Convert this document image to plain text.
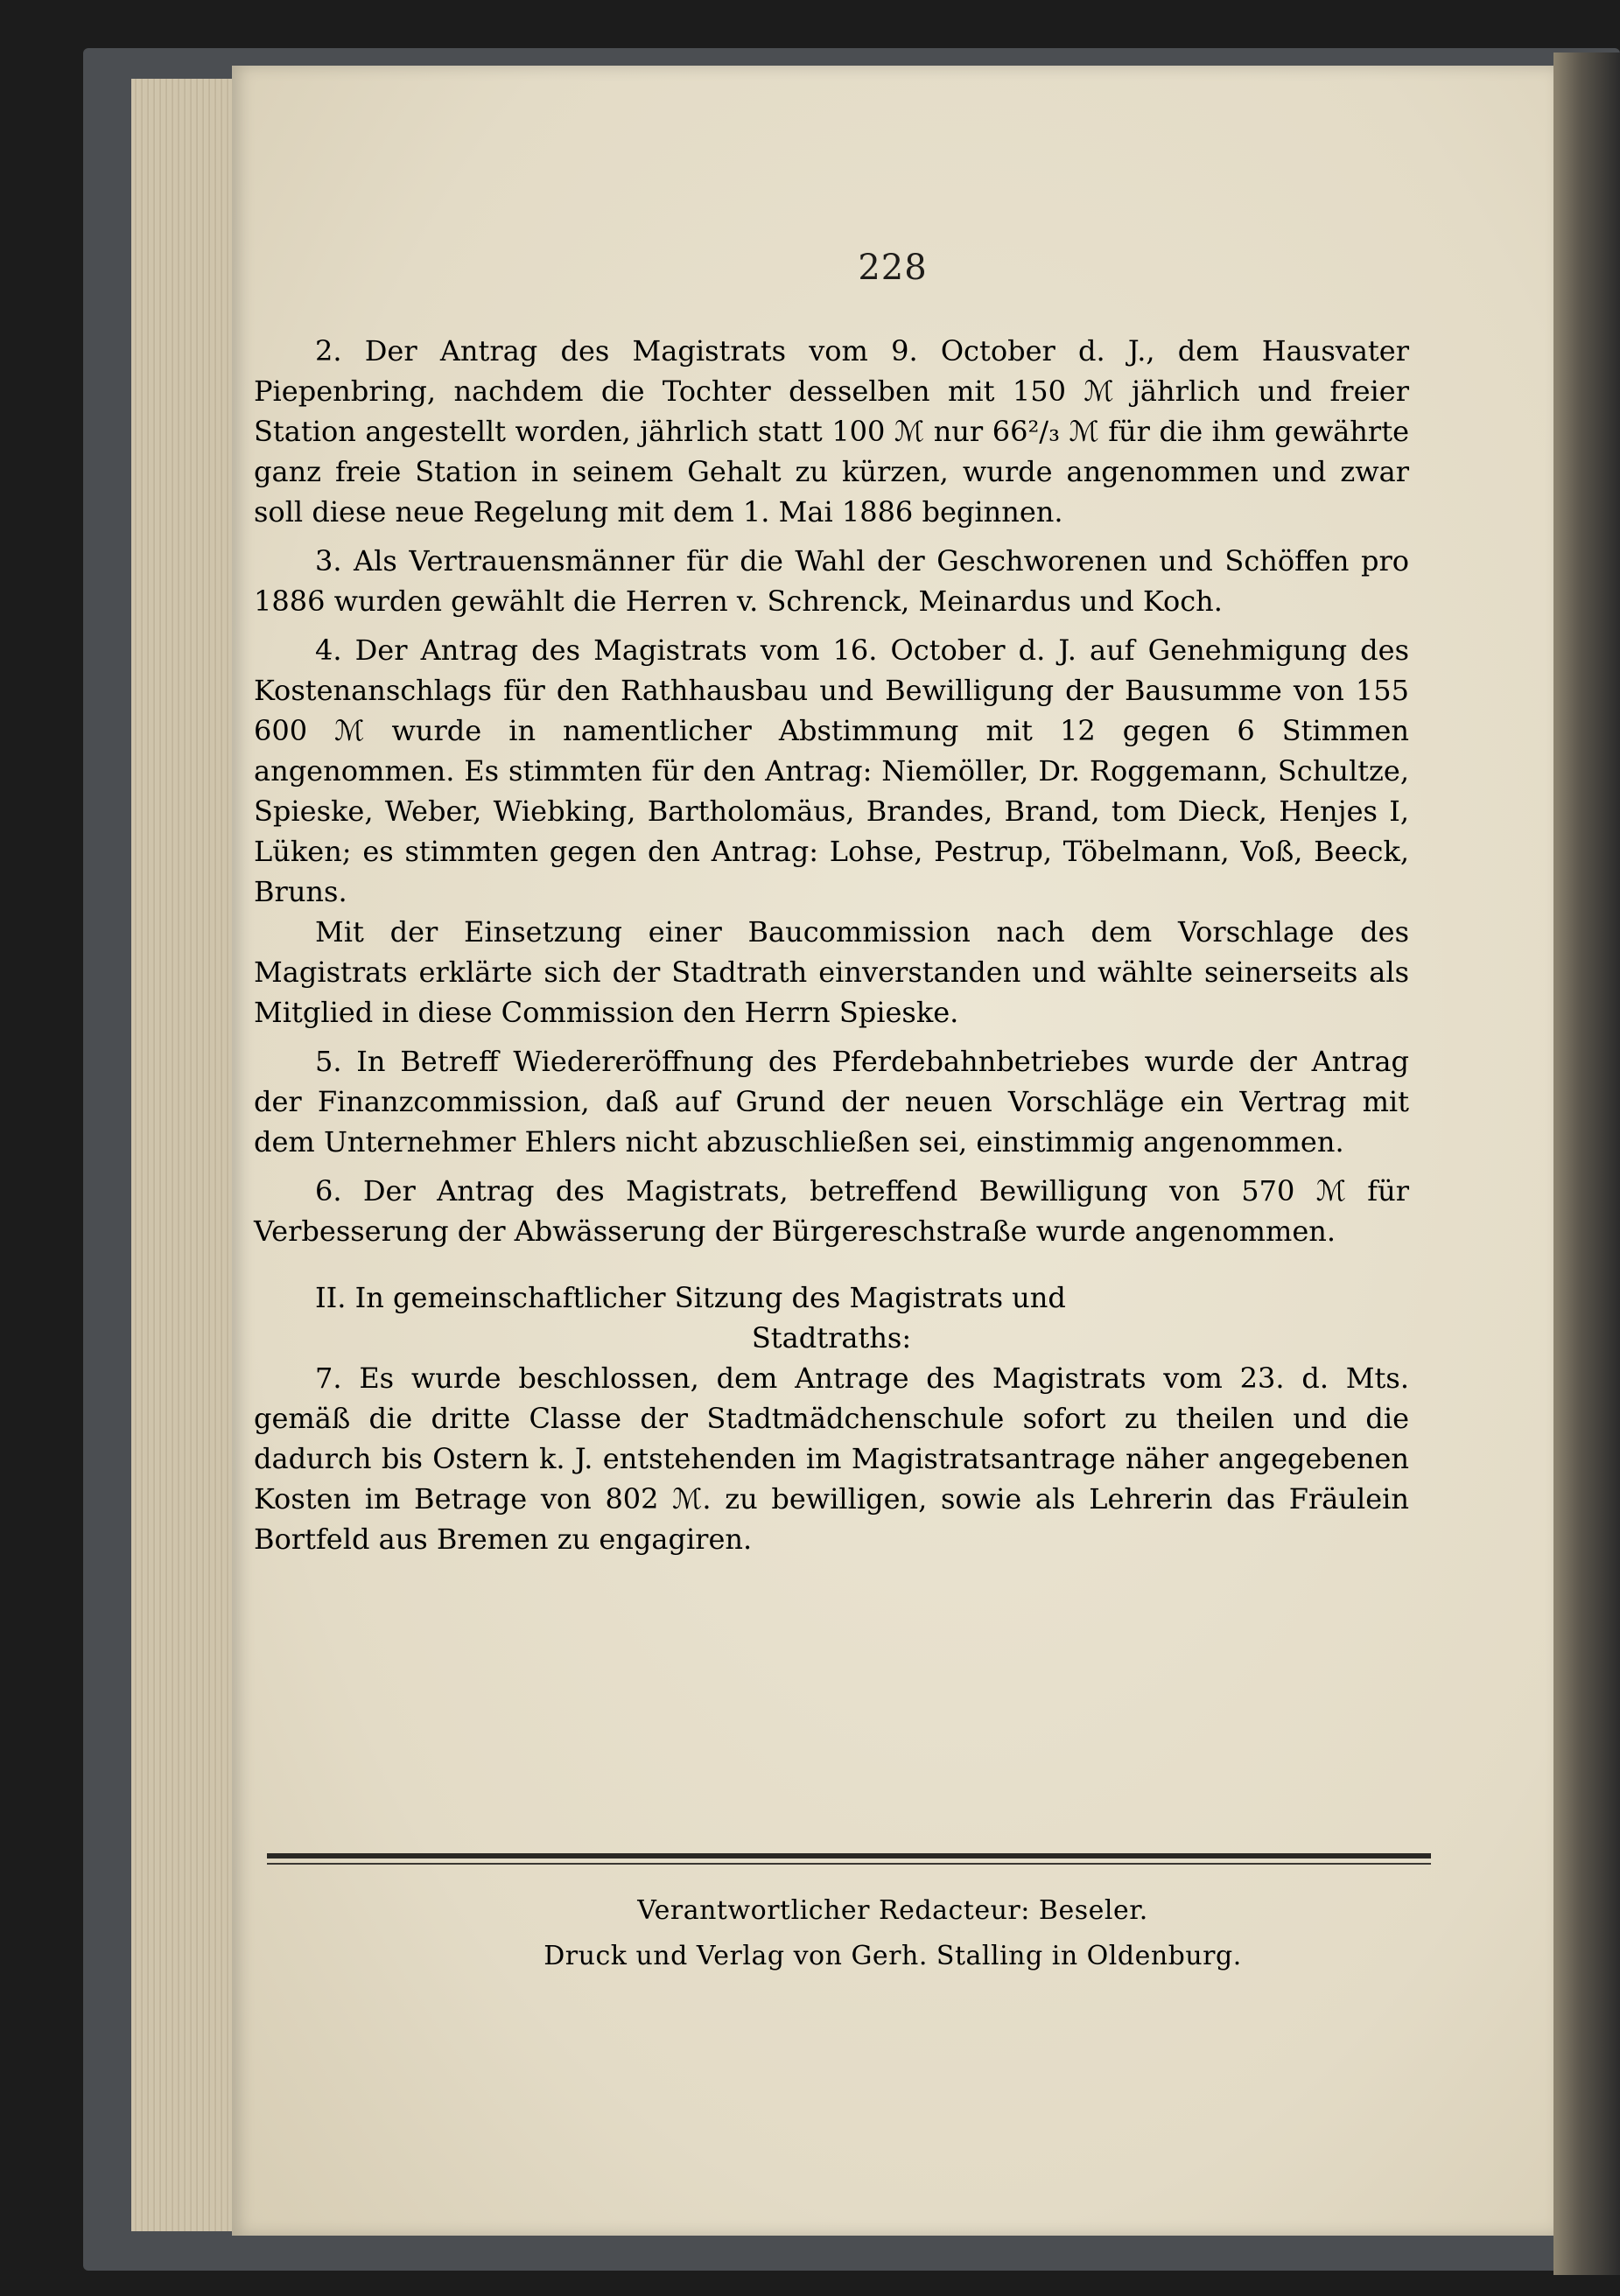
228

2. Der Antrag des Magistrats vom 9. October d. J., dem Hausvater Piepenbring, nachdem die Tochter desselben mit 150 ℳ jährlich und freier Station angestellt worden, jährlich statt 100 ℳ nur 66²/₃ ℳ für die ihm gewährte ganz freie Station in seinem Gehalt zu kürzen, wurde angenommen und zwar soll diese neue Regelung mit dem 1. Mai 1886 beginnen.

3. Als Vertrauensmänner für die Wahl der Geschworenen und Schöffen pro 1886 wurden gewählt die Herren v. Schrenck, Meinardus und Koch.

4. Der Antrag des Magistrats vom 16. October d. J. auf Genehmigung des Kostenanschlags für den Rathhausbau und Bewilligung der Bausumme von 155 600 ℳ wurde in namentlicher Abstimmung mit 12 gegen 6 Stimmen angenommen. Es stimmten für den Antrag: Niemöller, Dr. Roggemann, Schultze, Spieske, Weber, Wiebking, Bartholomäus, Brandes, Brand, tom Dieck, Henjes I, Lüken; es stimmten gegen den Antrag: Lohse, Pestrup, Töbelmann, Voß, Beeck, Bruns.

Mit der Einsetzung einer Baucommission nach dem Vorschlage des Magistrats erklärte sich der Stadtrath einverstanden und wählte seinerseits als Mitglied in diese Commission den Herrn Spieske.

5. In Betreff Wiedereröffnung des Pferdebahnbetriebes wurde der Antrag der Finanzcommission, daß auf Grund der neuen Vorschläge ein Vertrag mit dem Unternehmer Ehlers nicht abzuschließen sei, einstimmig angenommen.

6. Der Antrag des Magistrats, betreffend Bewilligung von 570 ℳ für Verbesserung der Abwässerung der Bürgereschstraße wurde angenommen.

II. In gemeinschaftlicher Sitzung des Magistrats und

Stadtraths:

7. Es wurde beschlossen, dem Antrage des Magistrats vom 23. d. Mts. gemäß die dritte Classe der Stadtmädchenschule sofort zu theilen und die dadurch bis Ostern k. J. entstehenden im Magistratsantrage näher angegebenen Kosten im Betrage von 802 ℳ. zu bewilligen, sowie als Lehrerin das Fräulein Bortfeld aus Bremen zu engagiren.

Verantwortlicher Redacteur: Beseler.
Druck und Verlag von Gerh. Stalling in Oldenburg.
